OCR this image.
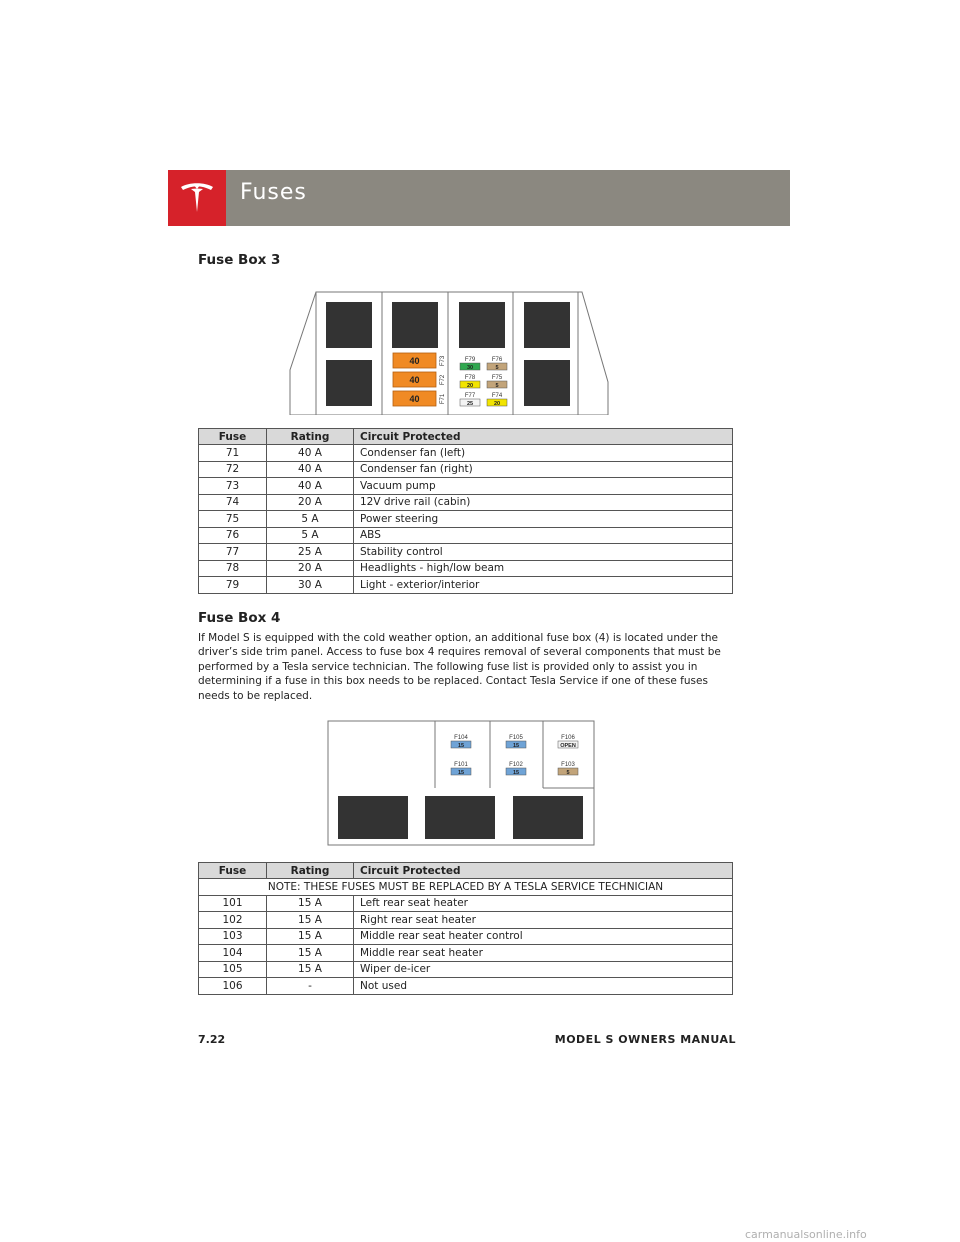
Fuses
Fuse Box 3
40	F73
40	F72
40	F71
F79
30
F76
5
F78
20
F75
5
F77
25
F74
20
Fuse	Rating	Circuit Protected
71	40 A	Condenser fan (left)
72	40 A	Condenser fan (right)
73	40 A	Vacuum pump
74	20 A	12V drive rail (cabin)
75	5 A	Power steering
76	5 A	ABS
77	25 A	Stability control
78	20 A	Headlights - high/low beam
79	30 A	Light - exterior/interior
Fuse Box 4

If Model S is equipped with the cold weather option, an additional fuse box (4) is located under the driver’s side trim panel. Access to fuse box 4 requires removal of several components that must be performed by a Tesla service technician. The following fuse list is provided only to assist you in determining if a fuse in this box needs to be replaced. Contact Tesla Service if one of these fuses needs to be replaced.

F104
15
F105
15
F106
OPEN
F101
15
F102
15
F103
5
Fuse	Rating	Circuit Protected
NOTE: THESE FUSES MUST BE REPLACED BY A TESLA SERVICE TECHNICIAN		
101	15 A	Left rear seat heater
102	15 A	Right rear seat heater
103	15 A	Middle rear seat heater control
104	15 A	Middle rear seat heater
105	15 A	Wiper de-icer
106	-	Not used
7.22	MODEL S OWNERS MANUAL
carmanualsonline.info
